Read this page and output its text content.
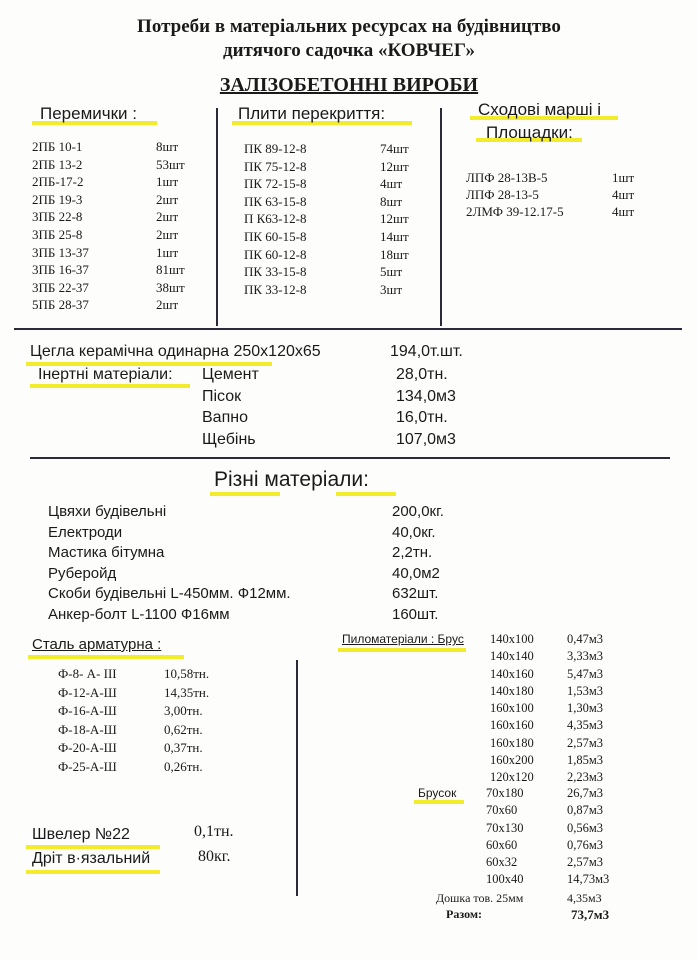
Потреби в матеріальних ресурсах на будівництво
дитячого садочка «КОВЧЕГ»
ЗАЛІЗОБЕТОННІ ВИРОБИ
Перемички :
2ПБ 10-1	8шт
2ПБ 13-2	53шт
2ПБ-17-2	1шт
2ПБ 19-3	2шт
3ПБ 22-8	2шт
3ПБ 25-8	2шт
3ПБ 13-37	1шт
3ПБ 16-37	81шт
3ПБ 22-37	38шт
5ПБ 28-37	2шт
Плити перекриття:
ПК 89-12-8	74шт
ПК 75-12-8	12шт
ПК 72-15-8	4шт
ПК 63-15-8	8шт
П К63-12-8	12шт
ПК 60-15-8	14шт
ПК 60-12-8	18шт
ПК 33-15-8	5шт
ПК 33-12-8	3шт
Сходові марші і
Площадки:
ЛПФ 28-13В-5	1шт
ЛПФ 28-13-5	4шт
2ЛМФ 39-12.17-5	4шт
Цегла керамічна одинарна 250х120х65	194,0т.шт.
Інертні матеріали: Цемент	28,0тн.
Пісок	134,0м3
Вапно	16,0тн.
Щебінь	107,0м3
Різні матеріали:
Цвяхи будівельні	200,0кг.
Електроди	40,0кг.
Мастика бітумна	2,2тн.
Руберойд	40,0м2
Скоби будівельні L-450мм. Ф12мм.	632шт.
Анкер-болт L-1100 Ф16мм	160шт.
Сталь арматурна :
Ф-8- А- ІІІ	10,58тн.
Ф-12-А-Ш	14,35тн.
Ф-16-А-Ш	3,00тн.
Ф-18-А-Ш	0,62тн.
Ф-20-А-Ш	0,37тн.
Ф-25-А-Ш	0,26тн.
Швелер №22	0,1тн.
Дріт в·язальний	80кг.
Пиломатеріали : Брус 140х100	0,47м3
140х140	3,33м3
140х160	5,47м3
140х180	1,53м3
160х100	1,30м3
160х160	4,35м3
160х180	2,57м3
160х200	1,85м3
120х120	2,23м3
Брусок 70х180	26,7м3
70х60	0,87м3
70х130	0,56м3
60х60	0,76м3
60х32	2,57м3
100х40	14,73м3
Дошка тов. 25мм	4,35м3
Разом:	73,7м3
